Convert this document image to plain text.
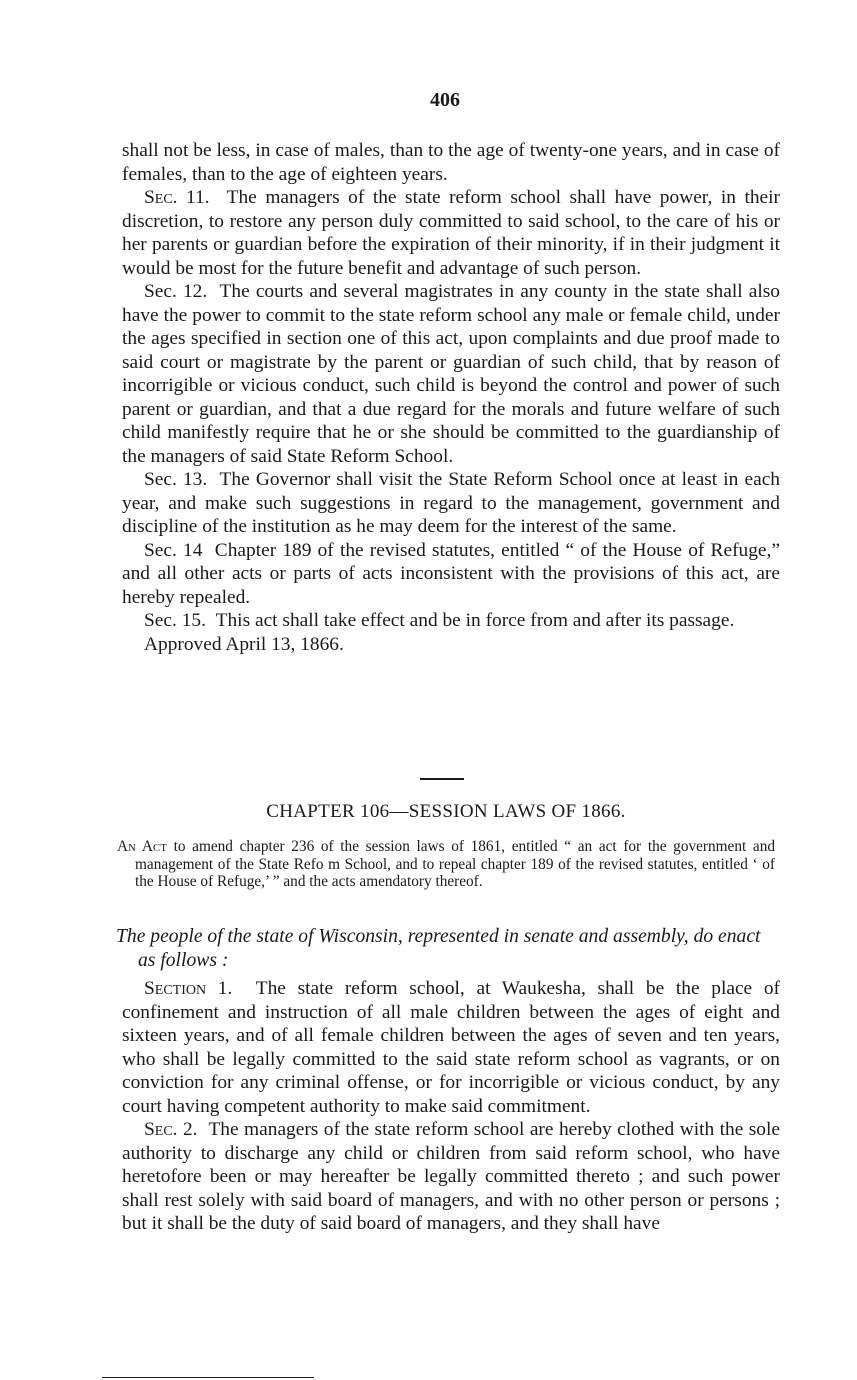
406

shall not be less, in case of males, than to the age of twenty-one years, and in case of females, than to the age of eighteen years.

Sec. 11. The managers of the state reform school shall have power, in their discretion, to restore any person duly committed to said school, to the care of his or her parents or guardian before the expiration of their minority, if in their judgment it would be most for the future benefit and advantage of such person.

Sec. 12. The courts and several magistrates in any county in the state shall also have the power to commit to the state reform school any male or female child, under the ages specified in section one of this act, upon complaints and due proof made to said court or magistrate by the parent or guardian of such child, that by reason of incorrigible or vicious conduct, such child is beyond the control and power of such parent or guardian, and that a due regard for the morals and future welfare of such child manifestly require that he or she should be committed to the guardianship of the managers of said State Reform School.

Sec. 13. The Governor shall visit the State Reform School once at least in each year, and make such suggestions in regard to the management, government and discipline of the institution as he may deem for the interest of the same.

Sec. 14 Chapter 189 of the revised statutes, entitled “ of the House of Refuge,” and all other acts or parts of acts inconsistent with the provisions of this act, are hereby repealed.

Sec. 15. This act shall take effect and be in force from and after its passage.

Approved April 13, 1866.

CHAPTER 106—SESSION LAWS OF 1866.
An Act to amend chapter 236 of the session laws of 1861, entitled “ an act for the government and management of the State Refo m School, and to repeal chapter 189 of the revised statutes, entitled ‘ of the House of Refuge,’ ” and the acts amendatory thereof.
The people of the state of Wisconsin, represented in senate and assembly, do enact as follows :

Section 1. The state reform school, at Waukesha, shall be the place of confinement and instruction of all male children between the ages of eight and sixteen years, and of all female children between the ages of seven and ten years, who shall be legally committed to the said state reform school as vagrants, or on conviction for any criminal offense, or for incorrigible or vicious conduct, by any court having competent authority to make said commitment.

Sec. 2. The managers of the state reform school are hereby clothed with the sole authority to discharge any child or children from said reform school, who have heretofore been or may hereafter be legally committed thereto ; and such power shall rest solely with said board of managers, and with no other person or persons ; but it shall be the duty of said board of managers, and they shall have
